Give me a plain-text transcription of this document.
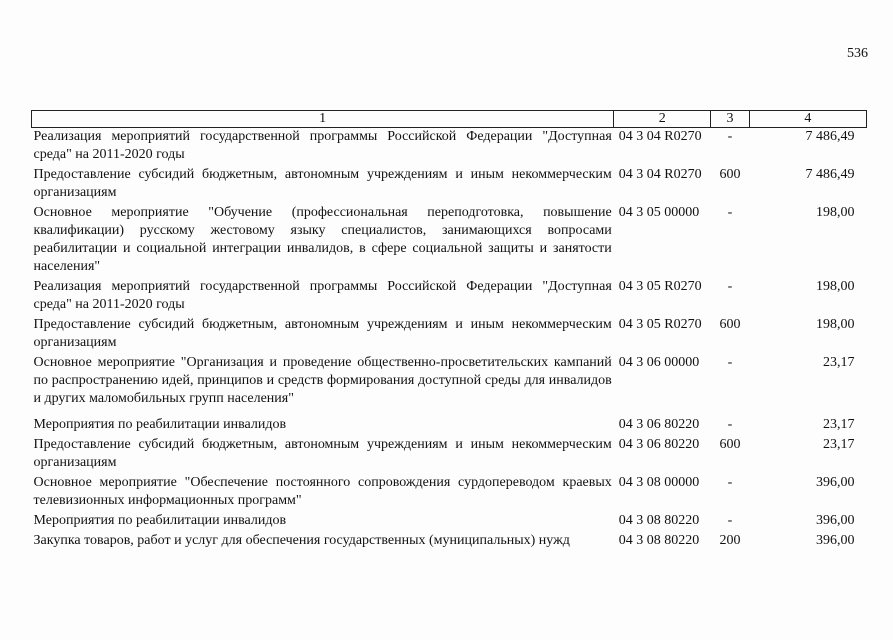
536
1	2	3	4
Реализация мероприятий государственной программы Российской Федерации "Доступная среда" на 2011-2020 годы	04 3 04 R0270	-	7 486,49
Предоставление субсидий бюджетным, автономным учреждениям и иным некоммерческим организациям	04 3 04 R0270	600	7 486,49
Основное мероприятие "Обучение (профессиональная переподготовка, повышение квалификации) русскому жестовому языку специалистов, занимающихся вопросами реабилитации и социальной интеграции инвалидов, в сфере социальной защиты и занятости населения"	04 3 05 00000	-	198,00
Реализация мероприятий государственной программы Российской Федерации "Доступная среда" на 2011-2020 годы	04 3 05 R0270	-	198,00
Предоставление субсидий бюджетным, автономным учреждениям и иным некоммерческим организациям	04 3 05 R0270	600	198,00
Основное мероприятие "Организация и проведение общественно-просветительских кампаний по распространению идей, принципов и средств формирования доступной среды для инвалидов и других маломобильных групп населения"	04 3 06 00000	-	23,17
Мероприятия по реабилитации инвалидов	04 3 06 80220	-	23,17
Предоставление субсидий бюджетным, автономным учреждениям и иным некоммерческим организациям	04 3 06 80220	600	23,17
Основное мероприятие "Обеспечение постоянного сопровождения сурдопереводом краевых телевизионных информационных программ"	04 3 08 00000	-	396,00
Мероприятия по реабилитации инвалидов	04 3 08 80220	-	396,00
Закупка товаров, работ и услуг для обеспечения государственных (муниципальных) нужд	04 3 08 80220	200	396,00
